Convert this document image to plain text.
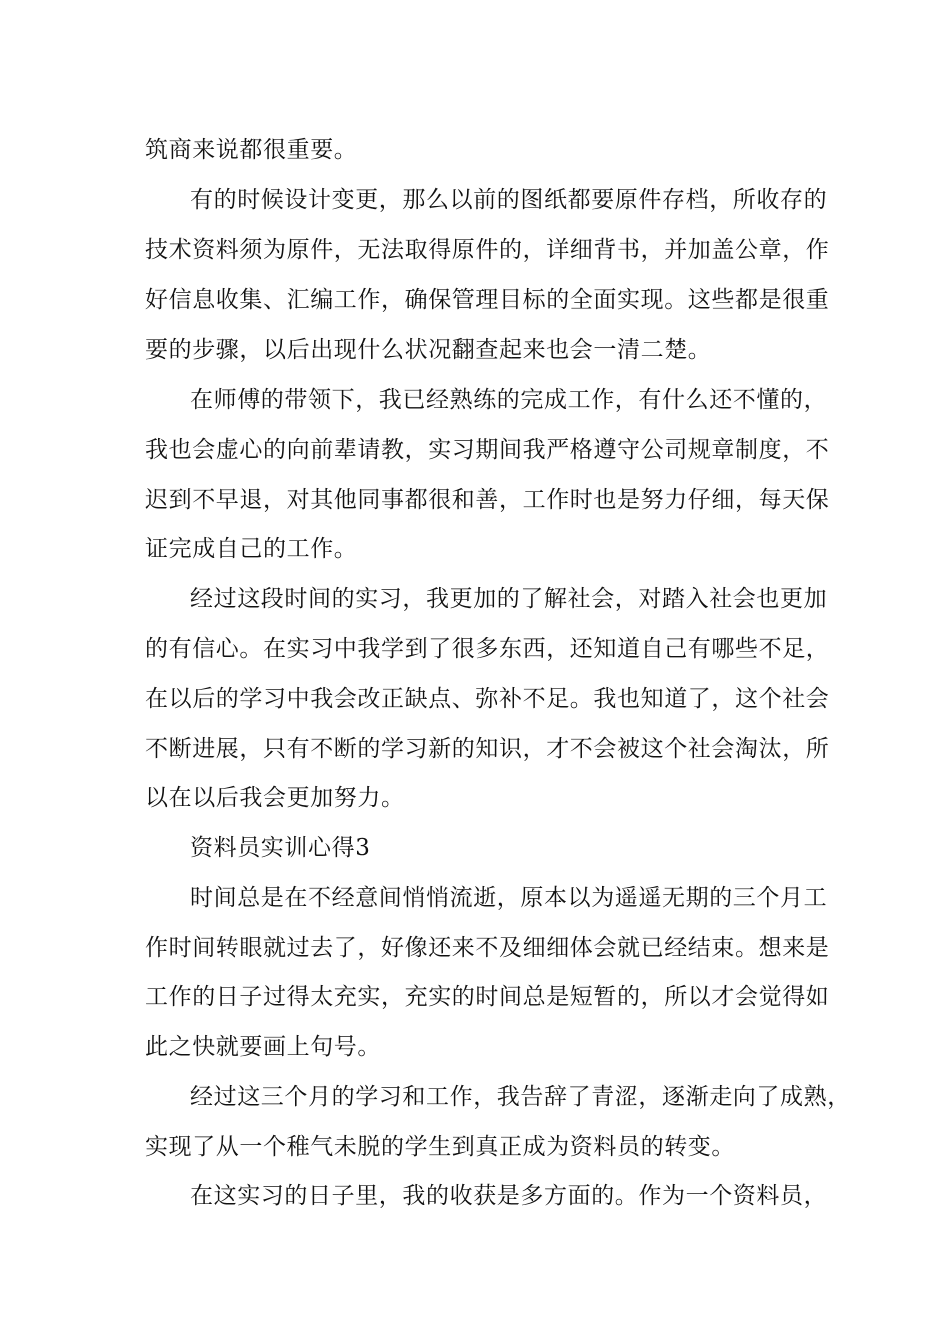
筑商来说都很重要。
有的时候设计变更，那么以前的图纸都要原件存档，所收存的
技术资料须为原件，无法取得原件的，详细背书，并加盖公章，作
好信息收集、汇编工作，确保管理目标的全面实现。这些都是很重
要的步骤，以后出现什么状况翻查起来也会一清二楚。
在师傅的带领下，我已经熟练的完成工作，有什么还不懂的，
我也会虚心的向前辈请教，实习期间我严格遵守公司规章制度，不
迟到不早退，对其他同事都很和善，工作时也是努力仔细，每天保
证完成自己的工作。
经过这段时间的实习，我更加的了解社会，对踏入社会也更加
的有信心。在实习中我学到了很多东西，还知道自己有哪些不足，
在以后的学习中我会改正缺点、弥补不足。我也知道了，这个社会
不断进展，只有不断的学习新的知识，才不会被这个社会淘汰，所
以在以后我会更加努力。
资料员实训心得3
时间总是在不经意间悄悄流逝，原本以为遥遥无期的三个月工
作时间转眼就过去了，好像还来不及细细体会就已经结束。想来是
工作的日子过得太充实，充实的时间总是短暂的，所以才会觉得如
此之快就要画上句号。
经过这三个月的学习和工作，我告辞了青涩，逐渐走向了成熟，
实现了从一个稚气未脱的学生到真正成为资料员的转变。
在这实习的日子里，我的收获是多方面的。作为一个资料员，
